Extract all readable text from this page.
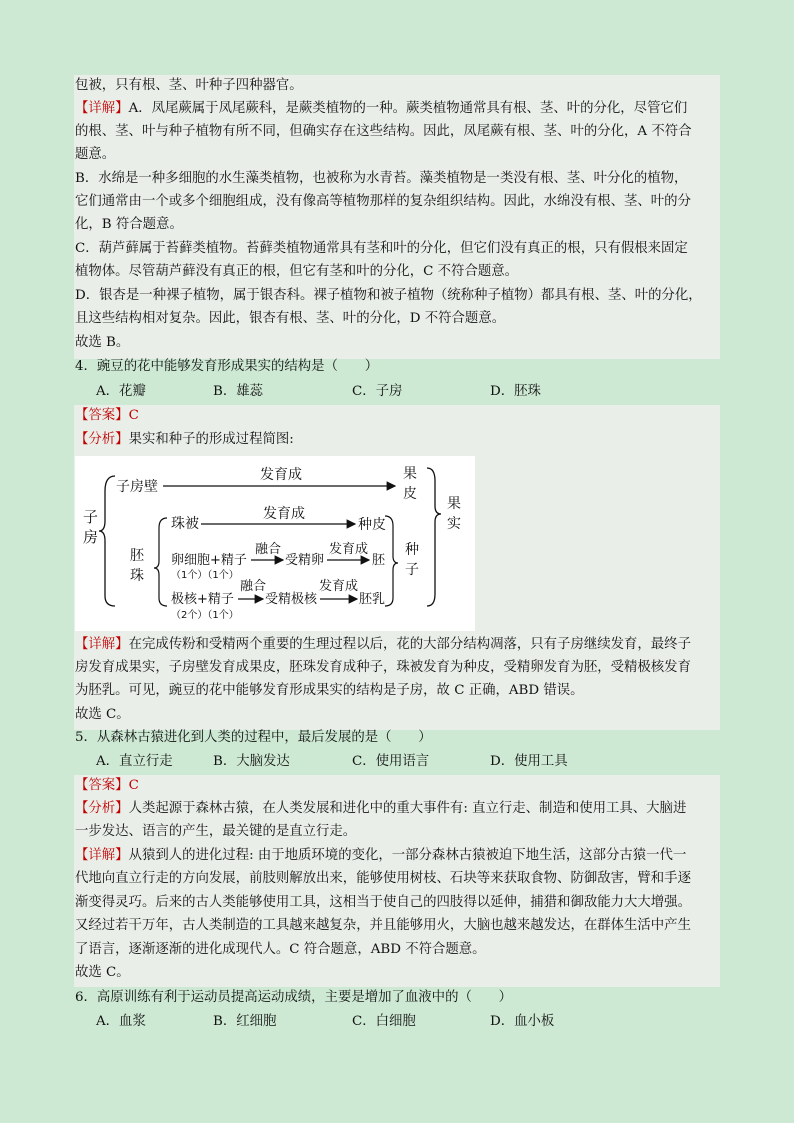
包被，只有根、茎、叶种子四种器官。
【详解】A．凤尾蕨属于凤尾蕨科，是蕨类植物的一种。蕨类植物通常具有根、茎、叶的分化，尽管它们
的根、茎、叶与种子植物有所不同，但确实存在这些结构。因此，凤尾蕨有根、茎、叶的分化，A 不符合
题意。
B．水绵是一种多细胞的水生藻类植物，也被称为水青苔。藻类植物是一类没有根、茎、叶分化的植物，
它们通常由一个或多个细胞组成，没有像高等植物那样的复杂组织结构。因此，水绵没有根、茎、叶的分
化，B 符合题意。
C．葫芦藓属于苔藓类植物。苔藓类植物通常具有茎和叶的分化，但它们没有真正的根，只有假根来固定
植物体。尽管葫芦藓没有真正的根，但它有茎和叶的分化，C 不符合题意。
D．银杏是一种裸子植物，属于银杏科。裸子植物和被子植物（统称种子植物）都具有根、茎、叶的分化，
且这些结构相对复杂。因此，银杏有根、茎、叶的分化，D 不符合题意。
故选 B。
4．豌豆的花中能够发育形成果实的结构是（　　）
A．花瓣	B．雄蕊	C．子房	D．胚珠
【答案】C
【分析】果实和种子的形成过程简图:
子
房
子房壁
发育成	果
皮
胚
珠
珠被
发育成
种皮
卵细胞+精子
（1个）（1个）
融合
受精卵
发育成
胚
极核+精子
（2个）（1个）
融合
受精极核
发育成
胚乳
种
子
果
实
【详解】在完成传粉和受精两个重要的生理过程以后，花的大部分结构凋落，只有子房继续发育，最终子
房发育成果实，子房壁发育成果皮，胚珠发育成种子，珠被发育为种皮，受精卵发育为胚，受精极核发育
为胚乳。可见，豌豆的花中能够发育形成果实的结构是子房，故 C 正确，ABD 错误。
故选 C。
5．从森林古猿进化到人类的过程中，最后发展的是（　　）
A．直立行走	B．大脑发达	C．使用语言	D．使用工具
【答案】C
【分析】人类起源于森林古猿，在人类发展和进化中的重大事件有: 直立行走、制造和使用工具、大脑进
一步发达、语言的产生，最关键的是直立行走。
【详解】从猿到人的进化过程: 由于地质环境的变化，一部分森林古猿被迫下地生活，这部分古猿一代一
代地向直立行走的方向发展，前肢则解放出来，能够使用树枝、石块等来获取食物、防御敌害，臂和手逐
渐变得灵巧。后来的古人类能够使用工具，这相当于使自己的四肢得以延伸，捕猎和御敌能力大大增强。
又经过若干万年，古人类制造的工具越来越复杂，并且能够用火，大脑也越来越发达，在群体生活中产生
了语言，逐渐逐渐的进化成现代人。C 符合题意，ABD 不符合题意。
故选 C。
6．高原训练有利于运动员提高运动成绩，主要是增加了血液中的（　　）
A．血浆	B．红细胞	C．白细胞	D．血小板
